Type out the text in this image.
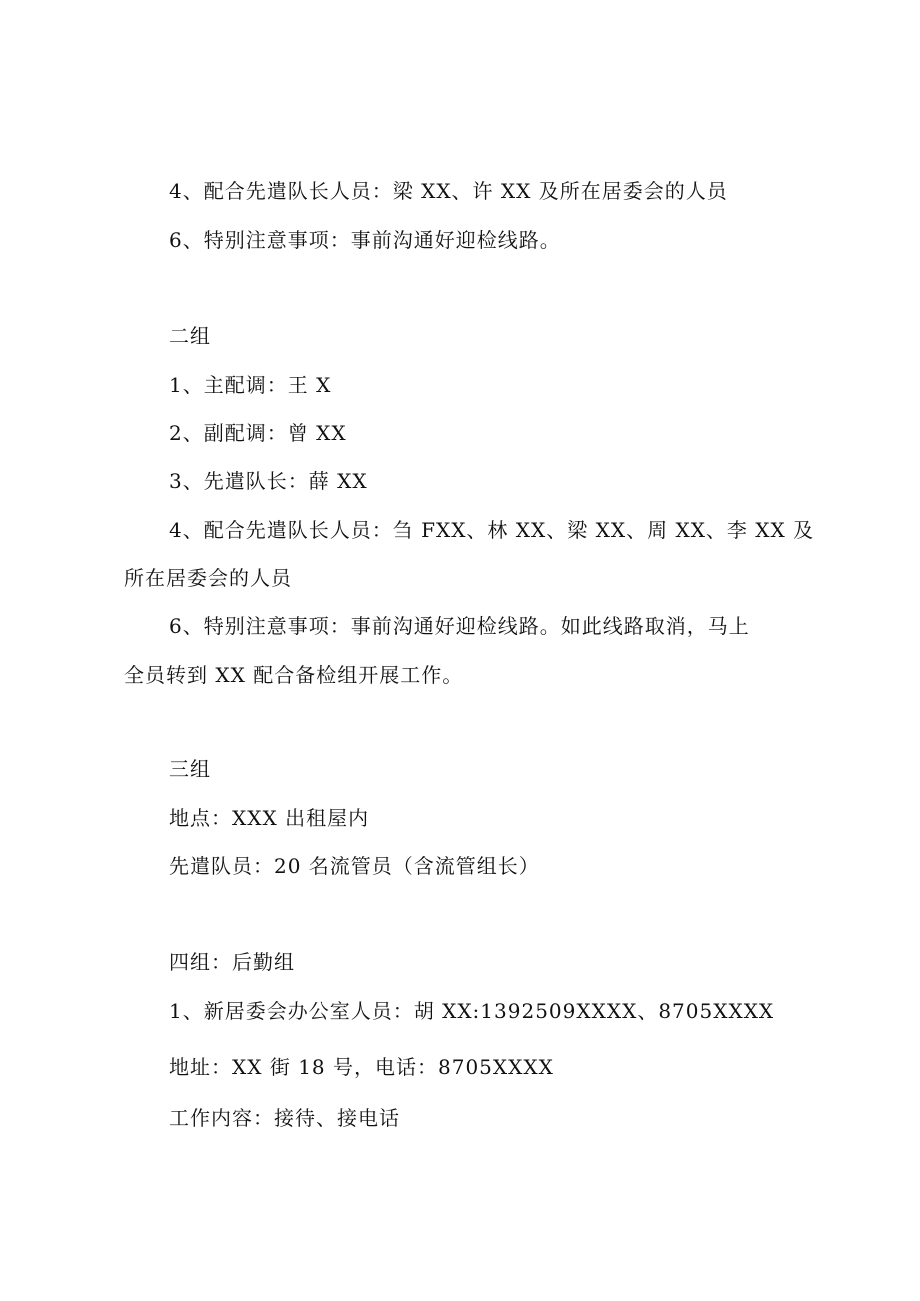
4、配合先遣队长人员：梁 XX、许 XX 及所在居委会的人员
6、特别注意事项：事前沟通好迎检线路。
二组
1、主配调：王 X
2、副配调：曾 XX
3、先遣队长：薛 XX
4、配合先遣队长人员：刍 FXX、林 XX、梁 XX、周 XX、李 XX 及
所在居委会的人员
6、特别注意事项：事前沟通好迎检线路。如此线路取消，马上
全员转到 XX 配合备检组开展工作。
三组
地点：XXX 出租屋内
先遣队员：20 名流管员（含流管组长）
四组：后勤组
1、新居委会办公室人员：胡 XX:1392509XXXX、8705XXXX
地址：XX 街 18 号，电话：8705XXXX
工作内容：接待、接电话
